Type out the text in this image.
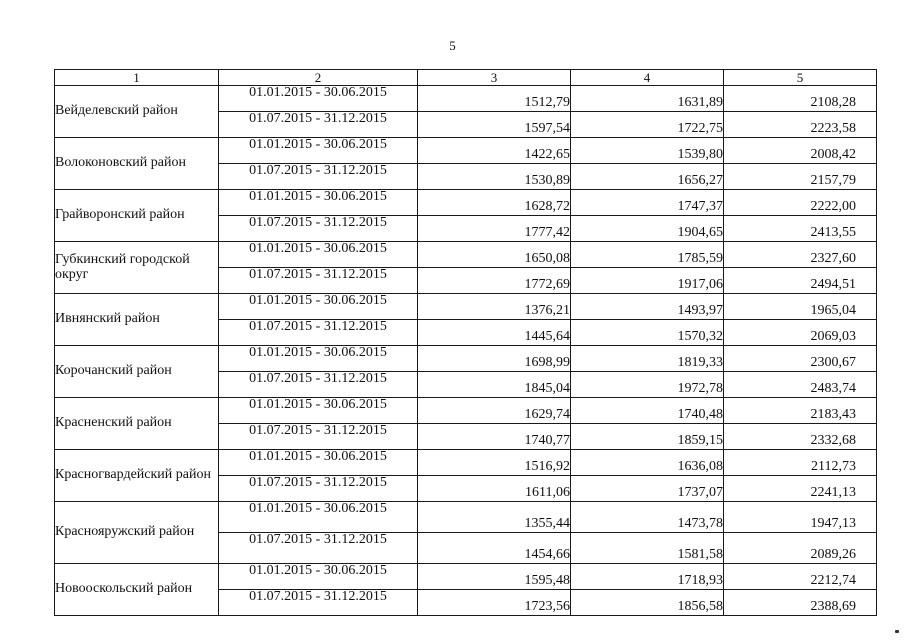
5
1	2	3	4	5
Вейделевский район	01.01.2015 - 30.06.2015	1512,79	1631,89	2108,28
	01.07.2015 - 31.12.2015	1597,54	1722,75	2223,58
Волоконовский район	01.01.2015 - 30.06.2015	1422,65	1539,80	2008,42
	01.07.2015 - 31.12.2015	1530,89	1656,27	2157,79
Грайворонский район	01.01.2015 - 30.06.2015	1628,72	1747,37	2222,00
	01.07.2015 - 31.12.2015	1777,42	1904,65	2413,55
Губкинский городской округ	01.01.2015 - 30.06.2015	1650,08	1785,59	2327,60
	01.07.2015 - 31.12.2015	1772,69	1917,06	2494,51
Ивнянский район	01.01.2015 - 30.06.2015	1376,21	1493,97	1965,04
	01.07.2015 - 31.12.2015	1445,64	1570,32	2069,03
Корочанский район	01.01.2015 - 30.06.2015	1698,99	1819,33	2300,67
	01.07.2015 - 31.12.2015	1845,04	1972,78	2483,74
Красненский район	01.01.2015 - 30.06.2015	1629,74	1740,48	2183,43
	01.07.2015 - 31.12.2015	1740,77	1859,15	2332,68
Красногвардейский район	01.01.2015 - 30.06.2015	1516,92	1636,08	2112,73
	01.07.2015 - 31.12.2015	1611,06	1737,07	2241,13
Краснояружский район	01.01.2015 - 30.06.2015	1355,44	1473,78	1947,13
	01.07.2015 - 31.12.2015	1454,66	1581,58	2089,26
Новооскольский район	01.01.2015 - 30.06.2015	1595,48	1718,93	2212,74
	01.07.2015 - 31.12.2015	1723,56	1856,58	2388,69
